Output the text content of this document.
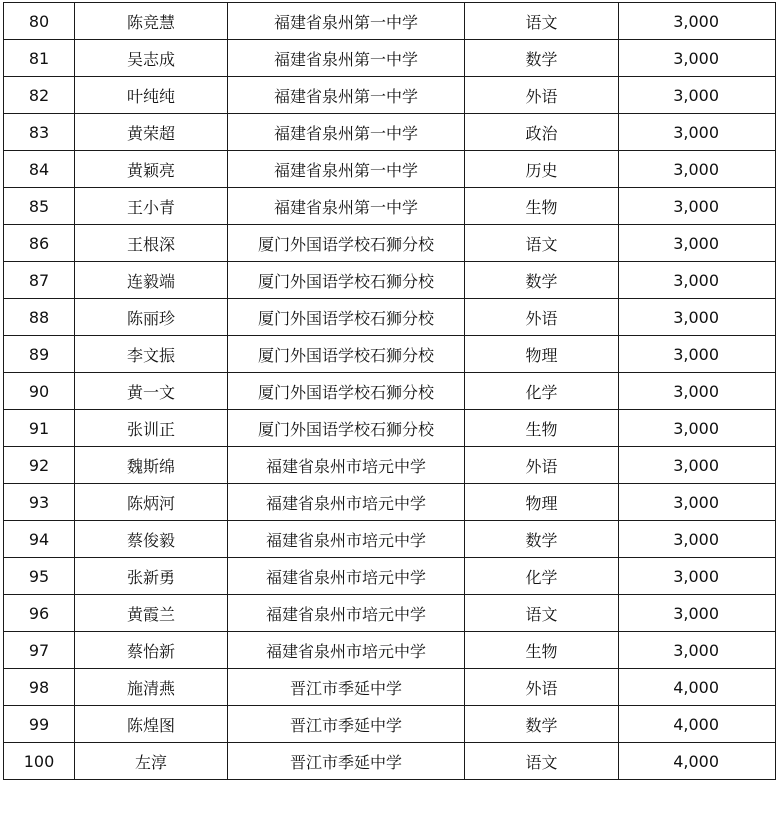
80	陈竞慧	福建省泉州第一中学	语文	3,000
81	吴志成	福建省泉州第一中学	数学	3,000
82	叶纯纯	福建省泉州第一中学	外语	3,000
83	黄荣超	福建省泉州第一中学	政治	3,000
84	黄颖亮	福建省泉州第一中学	历史	3,000
85	王小青	福建省泉州第一中学	生物	3,000
86	王根深	厦门外国语学校石狮分校	语文	3,000
87	连毅端	厦门外国语学校石狮分校	数学	3,000
88	陈丽珍	厦门外国语学校石狮分校	外语	3,000
89	李文振	厦门外国语学校石狮分校	物理	3,000
90	黄一文	厦门外国语学校石狮分校	化学	3,000
91	张训正	厦门外国语学校石狮分校	生物	3,000
92	魏斯绵	福建省泉州市培元中学	外语	3,000
93	陈炳河	福建省泉州市培元中学	物理	3,000
94	蔡俊毅	福建省泉州市培元中学	数学	3,000
95	张新勇	福建省泉州市培元中学	化学	3,000
96	黄霞兰	福建省泉州市培元中学	语文	3,000
97	蔡怡新	福建省泉州市培元中学	生物	3,000
98	施清燕	晋江市季延中学	外语	4,000
99	陈煌图	晋江市季延中学	数学	4,000
100	左淳	晋江市季延中学	语文	4,000
